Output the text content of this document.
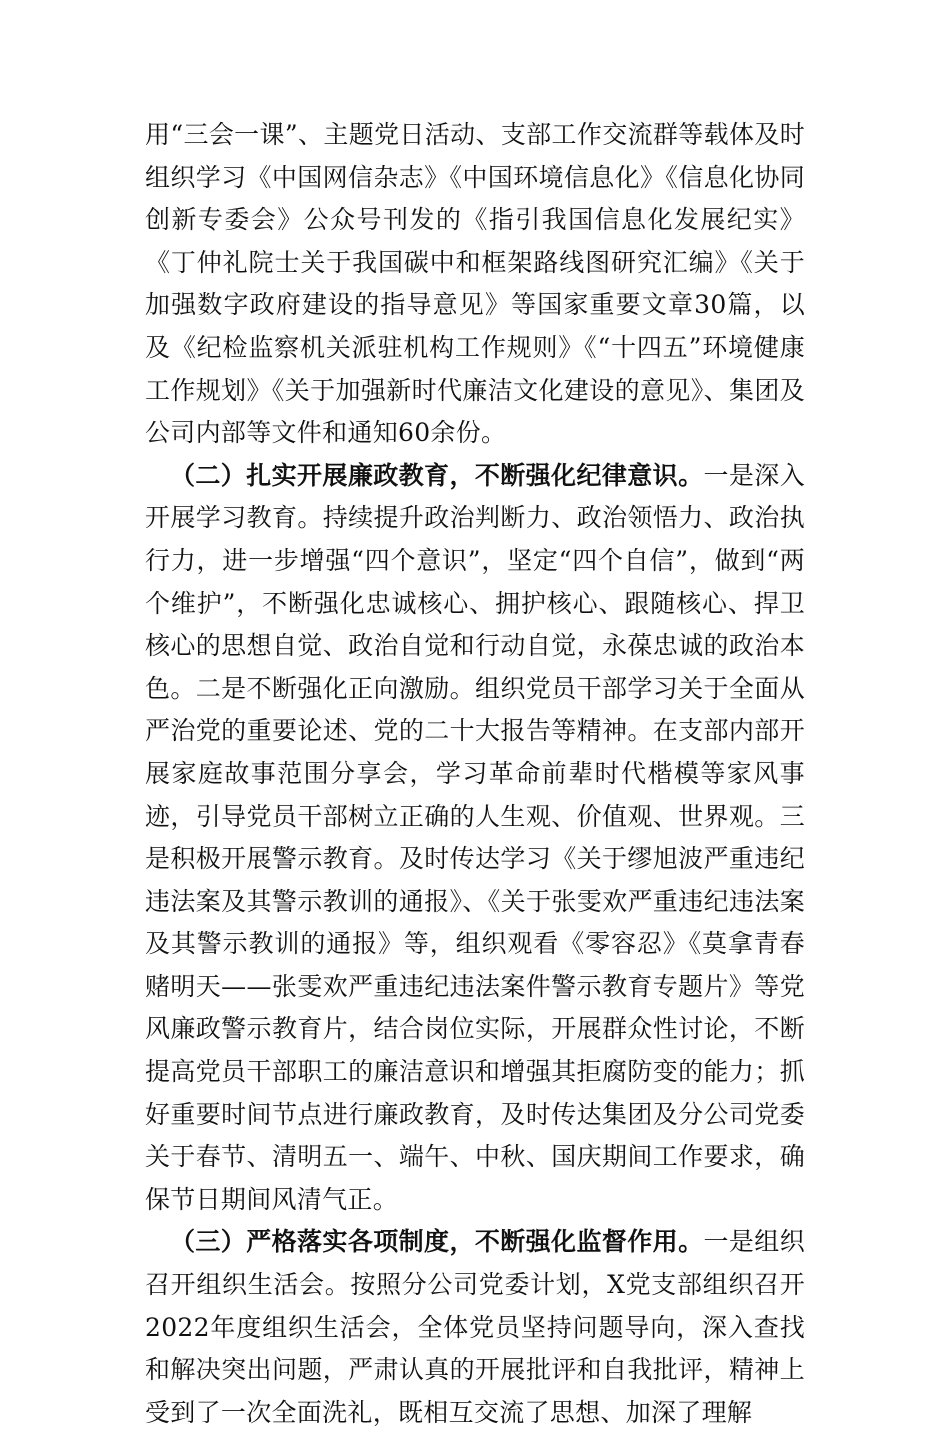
用“三会一课”、主题党日活动、支部工作交流群等载体及时组织学习《中国网信杂志》《中国环境信息化》《信息化协同创新专委会》公众号刊发的《指引我国信息化发展纪实》《丁仲礼院士关于我国碳中和框架路线图研究汇编》《关于加强数字政府建设的指导意见》等国家重要文章30篇，以及《纪检监察机关派驻机构工作规则》《“十四五”环境健康工作规划》《关于加强新时代廉洁文化建设的意见》、集团及公司内部等文件和通知60余份。

（二）扎实开展廉政教育，不断强化纪律意识。一是深入开展学习教育。持续提升政治判断力、政治领悟力、政治执行力，进一步增强“四个意识”，坚定“四个自信”，做到“两个维护”，不断强化忠诚核心、拥护核心、跟随核心、捍卫核心的思想自觉、政治自觉和行动自觉，永葆忠诚的政治本色。二是不断强化正向激励。组织党员干部学习关于全面从严治党的重要论述、党的二十大报告等精神。在支部内部开展家庭故事范围分享会，学习革命前辈时代楷模等家风事迹，引导党员干部树立正确的人生观、价值观、世界观。三是积极开展警示教育。及时传达学习《关于缪旭波严重违纪违法案及其警示教训的通报》、《关于张雯欢严重违纪违法案及其警示教训的通报》等，组织观看《零容忍》《莫拿青春赌明天——张雯欢严重违纪违法案件警示教育专题片》等党风廉政警示教育片，结合岗位实际，开展群众性讨论，不断提高党员干部职工的廉洁意识和增强其拒腐防变的能力；抓好重要时间节点进行廉政教育，及时传达集团及分公司党委关于春节、清明五一、端午、中秋、国庆期间工作要求，确保节日期间风清气正。

（三）严格落实各项制度，不断强化监督作用。一是组织召开组织生活会。按照分公司党委计划，X党支部组织召开2022年度组织生活会，全体党员坚持问题导向，深入查找和解决突出问题，严肃认真的开展批评和自我批评，精神上受到了一次全面洗礼，既相互交流了思想、加深了理解
